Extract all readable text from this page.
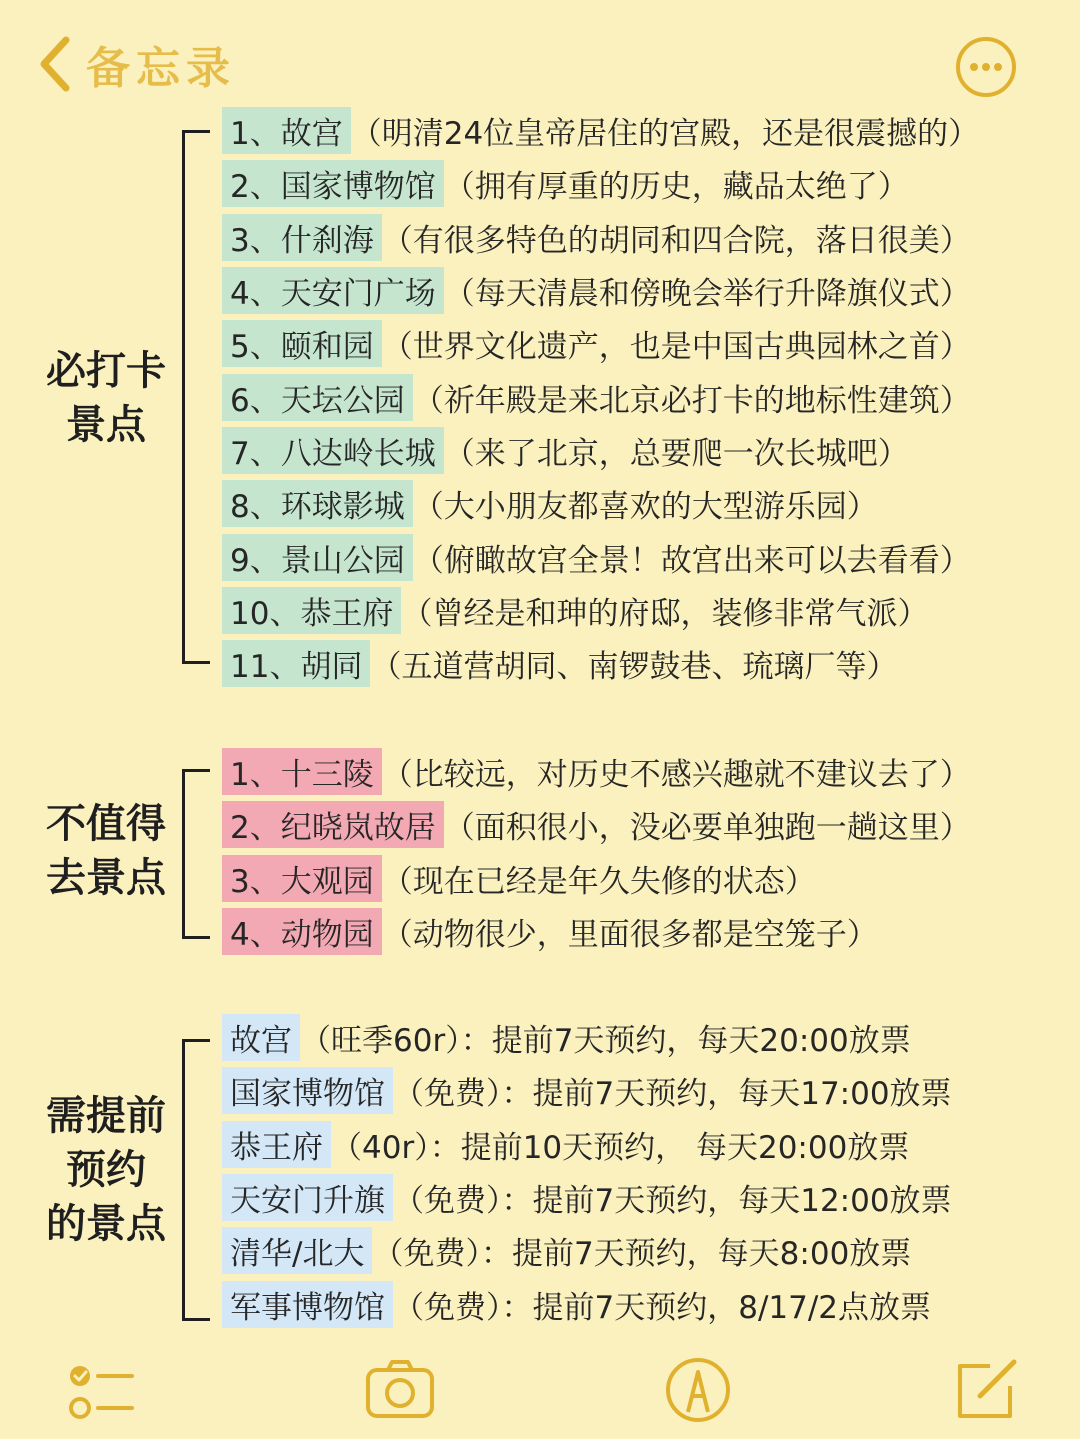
备忘录
必打卡
景点
1、故宫 （明清24位皇帝居住的宫殿，还是很震撼的）
2、国家博物馆 （拥有厚重的历史，藏品太绝了）
3、什刹海 （有很多特色的胡同和四合院，落日很美）
4、天安门广场 （每天清晨和傍晚会举行升降旗仪式）
5、颐和园 （世界文化遗产，也是中国古典园林之首）
6、天坛公园 （祈年殿是来北京必打卡的地标性建筑）
7、八达岭长城 （来了北京，总要爬一次长城吧）
8、环球影城 （大小朋友都喜欢的大型游乐园）
9、景山公园 （俯瞰故宫全景！故宫出来可以去看看）
10、恭王府 （曾经是和珅的府邸，装修非常气派）
11、胡同 （五道营胡同、南锣鼓巷、琉璃厂等）
不值得
去景点
1、十三陵 （比较远，对历史不感兴趣就不建议去了）
2、纪晓岚故居 （面积很小，没必要单独跑一趟这里）
3、大观园 （现在已经是年久失修的状态）
4、动物园 （动物很少，里面很多都是空笼子）
需提前
预约
的景点
故宫 （旺季60r）：提前7天预约，每天20:00放票
国家博物馆 （免费）：提前7天预约，每天17:00放票
恭王府 （40r）：提前10天预约， 每天20:00放票
天安门升旗 （免费）：提前7天预约，每天12:00放票
清华/北大 （免费）：提前7天预约，每天8:00放票
军事博物馆 （免费）：提前7天预约，8/17/2点放票
